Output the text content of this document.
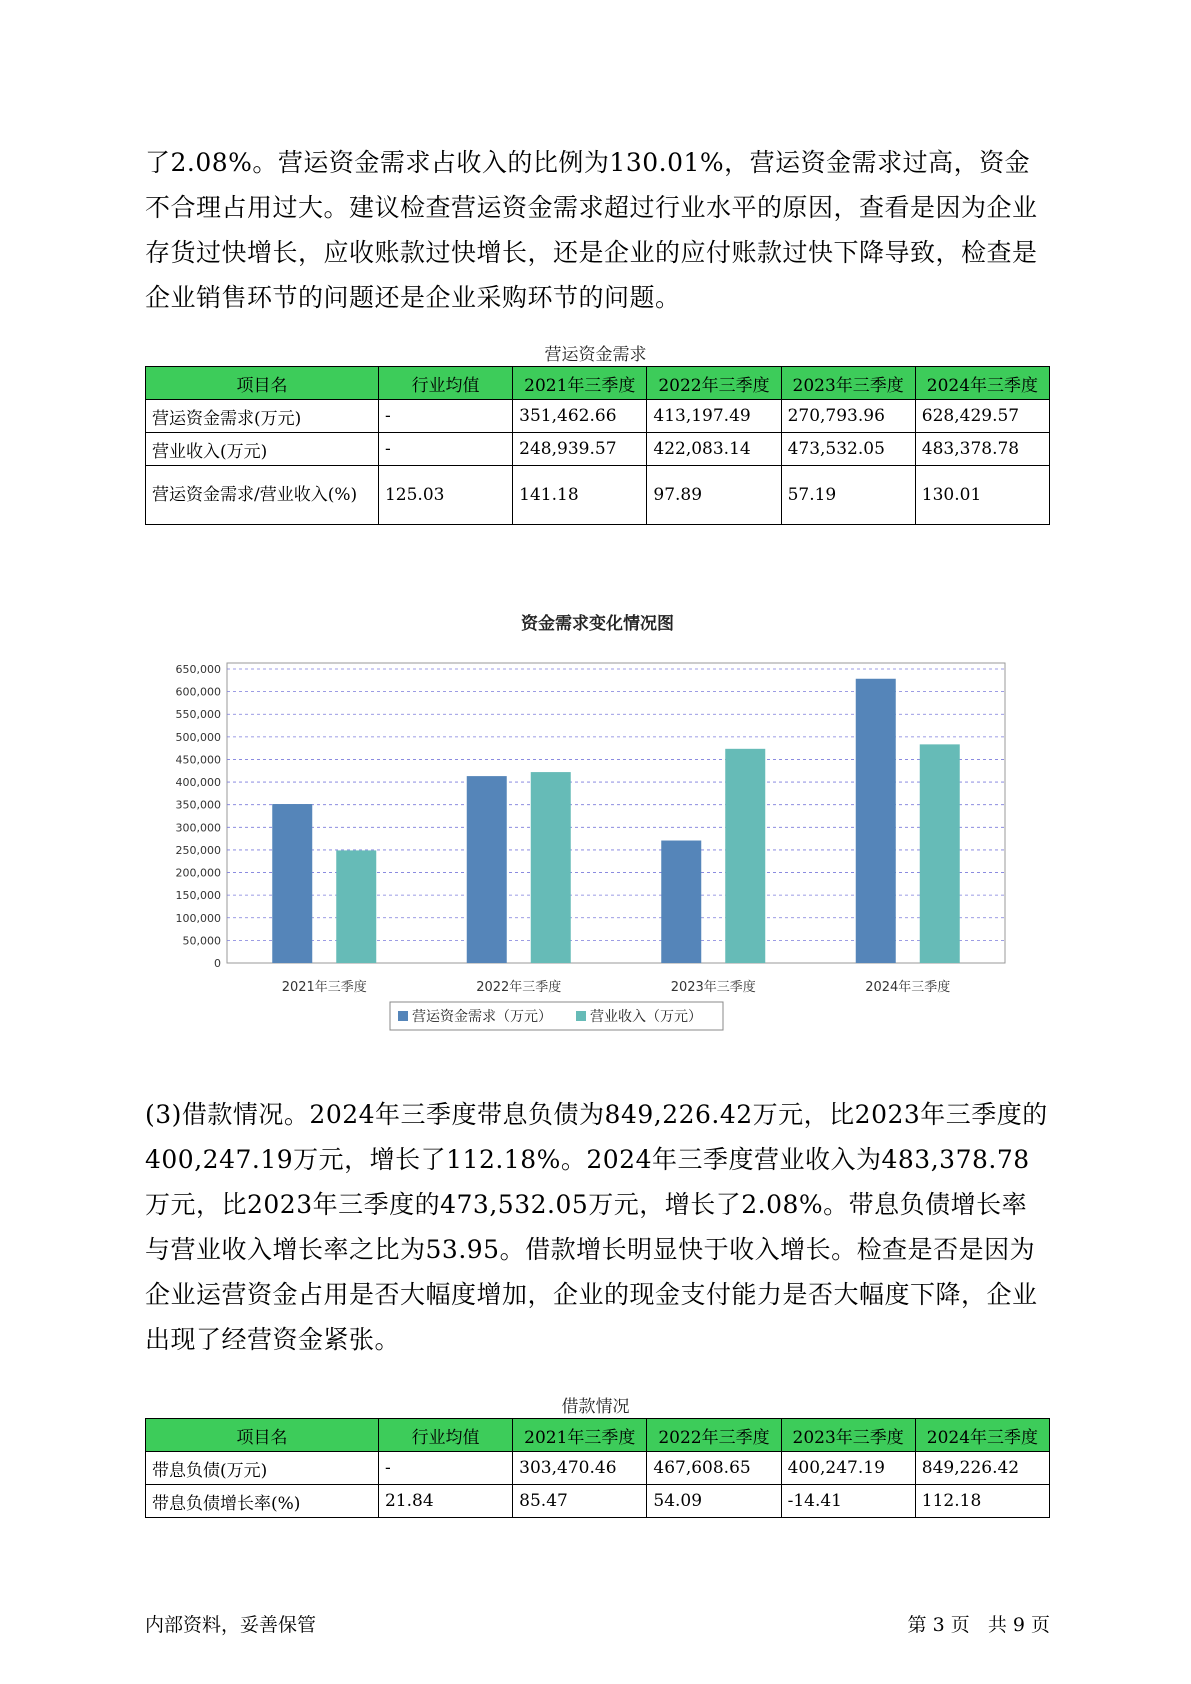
了2.08%。营运资金需求占收入的比例为130.01%，营运资金需求过高，资金不合理占用过大。建议检查营运资金需求超过行业水平的原因，查看是因为企业存货过快增长，应收账款过快增长，还是企业的应付账款过快下降导致，检查是企业销售环节的问题还是企业采购环节的问题。

营运资金需求
项目名	行业均值	2021年三季度	2022年三季度	2023年三季度	2024年三季度
营运资金需求(万元)	-	351,462.66	413,197.49	270,793.96	628,429.57
营业收入(万元)	-	248,939.57	422,083.14	473,532.05	483,378.78
营运资金需求/营业收入(%)	125.03	141.18	97.89	57.19	130.01
资金需求变化情况图
0
50,000
100,000
150,000
200,000
250,000
300,000
350,000
400,000
450,000
500,000
550,000
600,000
650,000
2021年三季度	2022年三季度	2023年三季度	2024年三季度
营运资金需求（万元）	营业收入（万元）

(3)借款情况。2024年三季度带息负债为849,226.42万元，比2023年三季度的400,247.19万元，增长了112.18%。2024年三季度营业收入为483,378.78万元，比2023年三季度的473,532.05万元，增长了2.08%。带息负债增长率与营业收入增长率之比为53.95。借款增长明显快于收入增长。检查是否是因为企业运营资金占用是否大幅度增加，企业的现金支付能力是否大幅度下降，企业出现了经营资金紧张。

借款情况
项目名	行业均值	2021年三季度	2022年三季度	2023年三季度	2024年三季度
带息负债(万元)	-	303,470.46	467,608.65	400,247.19	849,226.42
带息负债增长率(%)	21.84	85.47	54.09	-14.41	112.18
内部资料，妥善保管	第 3 页   共 9 页
